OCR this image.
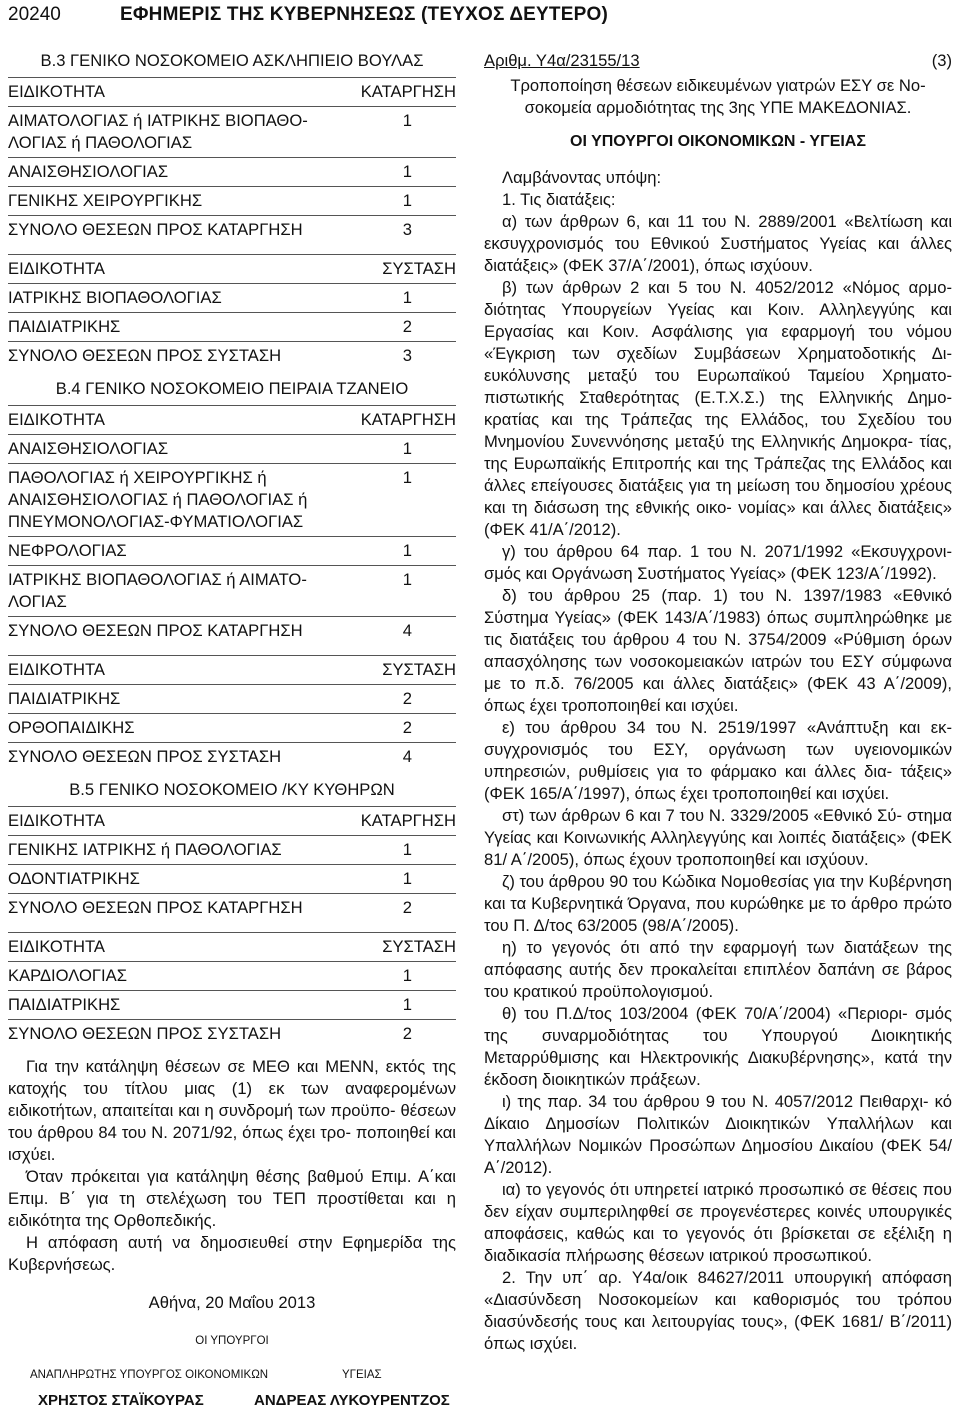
20240	ΕΦΗΜΕΡΙΣ ΤΗΣ ΚΥΒΕΡΝΗΣΕΩΣ (ΤΕΥΧΟΣ ΔΕΥΤΕΡΟ)
Β.3 ΓΕΝΙΚΟ ΝΟΣΟΚΟΜΕΙΟ ΑΣΚΛΗΠΙΕΙΟ ΒΟΥΛΑΣ
ΕΙΔΙΚΟΤΗΤΑ	ΚΑΤΑΡΓΗΣΗ
ΑΙΜΑΤΟΛΟΓΙΑΣ ή ΙΑΤΡΙΚΗΣ ΒΙΟΠΑΘΟ- ΛΟΓΙΑΣ ή ΠΑΘΟΛΟΓΙΑΣ	1
ΑΝΑΙΣΘΗΣΙΟΛΟΓΙΑΣ	1
ΓΕΝΙΚΗΣ ΧΕΙΡΟΥΡΓΙΚΗΣ	1
ΣΥΝΟΛΟ ΘΕΣΕΩΝ ΠΡΟΣ ΚΑΤΑΡΓΗΣΗ	3
ΕΙΔΙΚΟΤΗΤΑ	ΣΥΣΤΑΣΗ
ΙΑΤΡΙΚΗΣ ΒΙΟΠΑΘΟΛΟΓΙΑΣ	1
ΠΑΙΔΙΑΤΡΙΚΗΣ	2
ΣΥΝΟΛΟ ΘΕΣΕΩΝ ΠΡΟΣ ΣΥΣΤΑΣΗ	3
Β.4 ΓΕΝΙΚΟ ΝΟΣΟΚΟΜΕΙΟ ΠΕΙΡΑΙΑ ΤΖΑΝΕΙΟ
ΕΙΔΙΚΟΤΗΤΑ	ΚΑΤΑΡΓΗΣΗ
ΑΝΑΙΣΘΗΣΙΟΛΟΓΙΑΣ	1
ΠΑΘΟΛΟΓΙΑΣ ή ΧΕΙΡΟΥΡΓΙΚΗΣ ή ΑΝΑΙΣΘΗΣΙΟΛΟΓΙΑΣ ή ΠΑΘΟΛΟΓΙΑΣ ή ΠΝΕΥΜΟΝΟΛΟΓΙΑΣ-ΦΥΜΑΤΙΟΛΟΓΙΑΣ	1
ΝΕΦΡΟΛΟΓΙΑΣ	1
ΙΑΤΡΙΚΗΣ ΒΙΟΠΑΘΟΛΟΓΙΑΣ ή ΑΙΜΑΤΟ- ΛΟΓΙΑΣ	1
ΣΥΝΟΛΟ ΘΕΣΕΩΝ ΠΡΟΣ ΚΑΤΑΡΓΗΣΗ	4
ΕΙΔΙΚΟΤΗΤΑ	ΣΥΣΤΑΣΗ
ΠΑΙΔΙΑΤΡΙΚΗΣ	2
ΟΡΘΟΠΑΙΔΙΚΗΣ	2
ΣΥΝΟΛΟ ΘΕΣΕΩΝ ΠΡΟΣ ΣΥΣΤΑΣΗ	4
Β.5 ΓΕΝΙΚΟ ΝΟΣΟΚΟΜΕΙΟ /ΚΥ ΚΥΘΗΡΩΝ
ΕΙΔΙΚΟΤΗΤΑ	ΚΑΤΑΡΓΗΣΗ
ΓΕΝΙΚΗΣ ΙΑΤΡΙΚΗΣ ή ΠΑΘΟΛΟΓΙΑΣ	1
ΟΔΟΝΤΙΑΤΡΙΚΗΣ	1
ΣΥΝΟΛΟ ΘΕΣΕΩΝ ΠΡΟΣ ΚΑΤΑΡΓΗΣΗ	2
ΕΙΔΙΚΟΤΗΤΑ	ΣΥΣΤΑΣΗ
ΚΑΡΔΙΟΛΟΓΙΑΣ	1
ΠΑΙΔΙΑΤΡΙΚΗΣ	1
ΣΥΝΟΛΟ ΘΕΣΕΩΝ ΠΡΟΣ ΣΥΣΤΑΣΗ	2

Για την κατάληψη θέσεων σε ΜΕΘ και ΜΕΝΝ, εκτός της κατοχής του τίτλου μιας (1) εκ των αναφερομένων ειδικοτήτων, απαιτείται και η συνδρομή των προϋπο- θέσεων του άρθρου 84 του Ν. 2071/92, όπως έχει τρο- ποποιηθεί και ισχύει.

Όταν πρόκειται για κατάληψη θέσης βαθμού Επιμ. Α΄και Επιμ. Β΄ για τη στελέχωση του ΤΕΠ προστίθεται και η ειδικότητα της Ορθοπεδικής.

Η απόφαση αυτή να δημοσιευθεί στην Εφημερίδα της Κυβερνήσεως.

Αθήνα, 20 Μαΐου 2013
ΟΙ ΥΠΟΥΡΓΟΙ
ΑΝΑΠΛΗΡΩΤΗΣ ΥΠΟΥΡΓΟΣ ΟΙΚΟΝΟΜΙΚΩΝ	ΥΓΕΙΑΣ
ΧΡΗΣΤΟΣ ΣΤΑΪΚΟΥΡΑΣ	ΑΝΔΡΕΑΣ ΛΥΚΟΥΡΕΝΤΖΟΣ
Αριθμ. Υ4α/23155/13	(3)
Τροποποίηση θέσεων ειδικευμένων γιατρών ΕΣΥ σε Νο- σοκομεία αρμοδιότητας της 3ης ΥΠΕ ΜΑΚΕΔΟΝΙΑΣ.
ΟΙ ΥΠΟΥΡΓΟΙ ΟΙΚΟΝΟΜΙΚΩΝ - ΥΓΕΙΑΣ

Λαμβάνοντας υπόψη:

1. Τις διατάξεις:

α) των άρθρων 6, και 11 του Ν. 2889/2001 «Βελτίωση και εκσυγχρονισμός του Εθνικού Συστήματος Υγείας και άλλες διατάξεις» (ΦΕΚ 37/Α΄/2001), όπως ισχύουν.

β) των άρθρων 2 και 5 του Ν. 4052/2012 «Νόμος αρμο- διότητας Υπουργείων Υγείας και Κοιν. Αλληλεγγύης και Εργασίας και Κοιν. Ασφάλισης για εφαρμογή του νόμου «Έγκριση των σχεδίων Συμβάσεων Χρηματοδοτικής Δι- ευκόλυνσης μεταξύ του Ευρωπαϊκού Ταμείου Χρηματο- πιστωτικής Σταθερότητας (Ε.Τ.Χ.Σ.) της Ελληνικής Δημο- κρατίας και της Τράπεζας της Ελλάδος, του Σχεδίου του Μνημονίου Συνεννόησης μεταξύ της Ελληνικής Δημοκρα- τίας, της Ευρωπαϊκής Επιτροπής και της Τράπεζας της Ελλάδος και άλλες επείγουσες διατάξεις για τη μείωση του δημοσίου χρέους και τη διάσωση της εθνικής οικο- νομίας» και άλλες διατάξεις» (ΦΕΚ 41/Α΄/2012).

γ) του άρθρου 64 παρ. 1 του Ν. 2071/1992 «Εκσυγχρονι- σμός και Οργάνωση Συστήματος Υγείας» (ΦΕΚ 123/Α΄/1992).

δ) του άρθρου 25 (παρ. 1) του Ν. 1397/1983 «Εθνικό Σύστημα Υγείας» (ΦΕΚ 143/Α΄/1983) όπως συμπληρώθηκε με τις διατάξεις του άρθρου 4 του Ν. 3754/2009 «Ρύθμιση όρων απασχόλησης των νοσοκομειακών ιατρών του ΕΣΥ σύμφωνα με το π.δ. 76/2005 και άλλες διατάξεις» (ΦΕΚ 43 Α΄/2009), όπως έχει τροποποιηθεί και ισχύει.

ε) του άρθρου 34 του Ν. 2519/1997 «Ανάπτυξη και εκ- συγχρονισμός του ΕΣΥ, οργάνωση των υγειονομικών υπηρεσιών, ρυθμίσεις για το φάρμακο και άλλες δια- τάξεις» (ΦΕΚ 165/Α΄/1997), όπως έχει τροποποιηθεί και ισχύει.

στ) των άρθρων 6 και 7 του Ν. 3329/2005 «Εθνικό Σύ- στημα Υγείας και Κοινωνικής Αλληλεγγύης και λοιπές διατάξεις» (ΦΕΚ 81/ Α΄/2005), όπως έχουν τροποποιηθεί και ισχύουν.

ζ) του άρθρου 90 του Κώδικα Νομοθεσίας για την Κυβέρνηση και τα Κυβερνητικά Όργανα, που κυρώθηκε με το άρθρο πρώτο του Π. Δ/τος 63/2005 (98/Α΄/2005).

η) το γεγονός ότι από την εφαρμογή των διατάξεων της απόφασης αυτής δεν προκαλείται επιπλέον δαπάνη σε βάρος του κρατικού προϋπολογισμού.

θ) του Π.Δ/τος 103/2004 (ΦΕΚ 70/Α΄/2004) «Περιορι- σμός της συναρμοδιότητας του Υπουργού Διοικητικής Μεταρρύθμισης και Ηλεκτρονικής Διακυβέρνησης», κατά την έκδοση διοικητικών πράξεων.

ι) της παρ. 34 του άρθρου 9 του Ν. 4057/2012 Πειθαρχι- κό Δίκαιο Δημοσίων Πολιτικών Διοικητικών Υπαλλήλων και Υπαλλήλων Νομικών Προσώπων Δημοσίου Δικαίου (ΦΕΚ 54/Α΄/2012).

ια) το γεγονός ότι υπηρετεί ιατρικό προσωπικό σε θέσεις που δεν είχαν συμπεριληφθεί σε προγενέστερες κοινές υπουργικές αποφάσεις, καθώς και το γεγονός ότι βρίσκεται σε εξέλιξη η διαδικασία πλήρωσης θέσεων ιατρικού προσωπικού.

2. Την υπ΄ αρ. Υ4α/οικ 84627/2011 υπουργική απόφαση «Διασύνδεση Νοσοκομείων και καθορισμός του τρόπου διασύνδεσής τους και λειτουργίας τους», (ΦΕΚ 1681/ Β΄/2011) όπως ισχύει.
